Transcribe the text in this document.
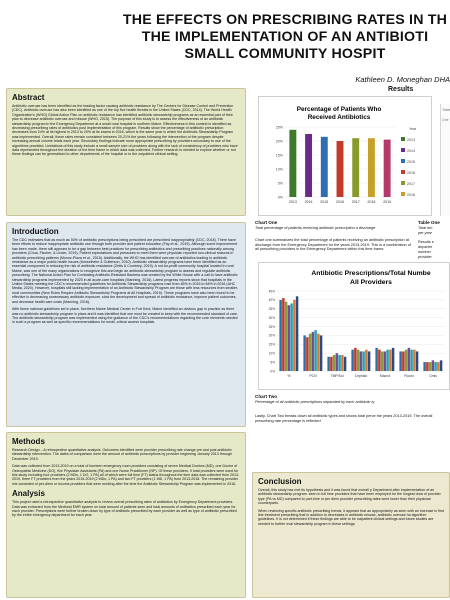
THE EFFECTS ON PRESCRIBING RATES IN TH
THE IMPLEMENTATION OF AN ANTIBIOTI
SMALL COMMUNITY HOSPIT
Kathleen D. Moneghan DHA
Abstract

Antibiotic overuse has been identified as the leading factor causing antibiotic resistance by The Centers for Disease Control and Prevention (CDC). Antibiotic overuse has also been identified as one of the top five health threats in the United States (CDC, 2014). The World Health Organization's (WHO) Global Action Plan on antibiotic resistance has identified antibiotic stewardship programs as an essential part of their plan to decrease antibiotic overuse and misuse (WHO, 2015). The purpose of this study is to assess the effectiveness of an antibiotic stewardship program in the Emergency Department at a small rural hospital in northern Maine. Effectiveness in this context is identified as decreasing prescribing rates of antibiotics post implementation of this program. Results show the percentage of antibiotic prescription decreases from 24% at its highest in 2013 to 20% at its lowest in 2016, which is the same year in which the Antibiotic Stewardship Program was implemented. Overall, these rates remain consistent between 20-21% the years following the intervention of the program despite increasing annual volume totals each year. Secondary findings indicate more appropriate prescribing by providers secondary to use of the algorithms provided. Limitations of this study include a small sample size of providers along with the lack of consistency of providers who have data represented throughout the duration of the time frame in which data was collected. Further research is needed to explore whether or not these findings can be generalized to other departments of the hospital or to the outpatient clinical setting.

Introduction

The CDC estimates that as much as 50% of antibiotic prescriptions being prescribed are prescribed inappropriately (CDC, 2018). There have been efforts to reduce inappropriate antibiotic use through both provider and patient education (Fay et al., 2019). Although some improvement has been made, there still appears to be a gap between best practices for prescribing antibiotics and prescribing practices nationally among providers (Chua, Fischer, & Linder, 2019). Patient expectations and pressures to meet them were physician reported non-clinical reasons in antibiotic prescribing patterns (Munoz-Plaza et al., 2016). Additionally, the WHO has identified overuse of antibiotics leading to antibiotic resistance as a major public health issues (Kesselheim & Outterson, 2010). Antibiotic stewardship programs have been identified as an essential component in reducing the risk of antibiotic resistance (Zetts & Courtney, 2019). A not-for-profit community hospital located in rural Maine, was one of the many organizations to recognize this and begin an antibiotic stewardship program to assess and regulate antibiotic prescribing. The National Action Plan for Combating Antibiotic-Resistant Bacteria was created by the White House with a call to have antibiotic stewardship programs implemented by 2020 in all acute-care hospitals (Manning, 2016). Latest progress reports show that hospitals in the United States meeting the CDC's recommended guidelines for Antibiotic Stewardship programs rose from 46% in 2015 to 64% in 2016 (AHC Media, 2020). However, hospitals still lacking implementation of an Antibiotic Stewardship Program are those with less resources from smaller, rural communities (New Rules Require Antibiotic Stewardship Programs at All Hospitals, 2019). These programs have also been found to be effective in decreasing unnecessary antibiotic exposure, slow the development and spread of antibiotic resistance, improve patient outcomes, and decrease health care costs (Manning, 2016).

With these national guidelines set in place, Northern Maine Medical Center in Fort Kent, Maine identified an obvious gap in practice as there was no antibiotic stewardship program in place and it was identified that one must be created to keep with the recommended standard of care. The antibiotic stewardship program was implemented using the guidance of the CDC's recommendations regarding the core elements needed in such a program as well as specific recommendations for small, critical access hospitals.

Methods

Research Design – A retrospective quantitative analysis. Outcomes identified were provider prescribing rate change pre and post antibiotic stewardship intervention. The dates of comparison were the amount of antibiotic prescriptions by provider beginning January 2013 through December 2019.

Data was collected from 2013-2019 on a total of fourteen emergency room providers consisting of seven Medical Doctors (MD), one Doctor of Osteopathic Medicine (DO), five Physician Assistants (PA) and one Nurse Practitioner (NP). Of these providers, 9 total providers were used for this study including four providers (2 MDs, 1 DO, 1 PA) all of which were full time (FT) status throughout the time data was collected from 2013-2019, three FT providers from the years 2015-2019 (2 MDs, 1 PA) and two FT providers (1 MD, 1 PA) from 2013-2018. The remaining provider mix consisted of per-diem or locums providers that were working after the time the Antibiotic Stewardship Program was implemented in 2016.

Analysis

This project used a retrospective quantitative analysis to review overall prescribing rates of antibiotics by Emergency Department providers. Data was extracted from the Medhost EMR system on total amount of patients seen and total amounts of antibiotics prescribed each year for each provider. Prescriptions were further broken down by type of antibiotic prescribed by each provider as well as type of antibiotic prescribed by the entire emergency department for each year.

Results
Percentage of Patients Who
Received Antibiotics
0%
5%
10%
15%
20%
25%
2013 2014 2015 2016 2017 2018 2019
Year
2013
2014
2015
2016
2017
2018
Table One
Chart One
Total percentage of patients receiving antibiotic prescription a discharge
Chart one summarizes the total percentage of patients receiving an antibiotic prescription at discharge from the Emergency Department for the years 2013-2019. This is a combination of all prescribing providers in the Emergency Department within this time frame.
Table One
Total em
per year
Results s
departm
number
provider
Antibiotic Prescriptions/Total Numbe
All Providers
0%
5%
10%
15%
20%
25%
30%
35%
40%
45%
%	PCN	TMP/Sul	Cephalo	Macrol	Fluoro	Cmis
Chart Two
Percentage of all antibiotic prescriptions separated by each antibiotic ty
Lastly, Chart Two breaks down all antibiotic types and shows total perce the years 2013-2019. The overall prescribing rate percentage is reflected
Conclusion

Overall, this study has met its hypothesis and it was found that overall p Department after implementation of an antibiotic stewardship program. seen in full time providers that have been employed for the longest dura of provider type (PA vs MD) compared to part-time or per diem provider prescribing rates were lower than their physician counterparts.

When reviewing specific antibiotic prescribing trends, it appears that an appropriately as seen with an increase in first line treatment prescribing that in addition to decreases in antibiotic misuse, antibiotic overuse ha algorithm guidelines. It is not determined if these findings are able to be outpatient clinical settings and future studies are needed to further eval stewardship program in these settings.
